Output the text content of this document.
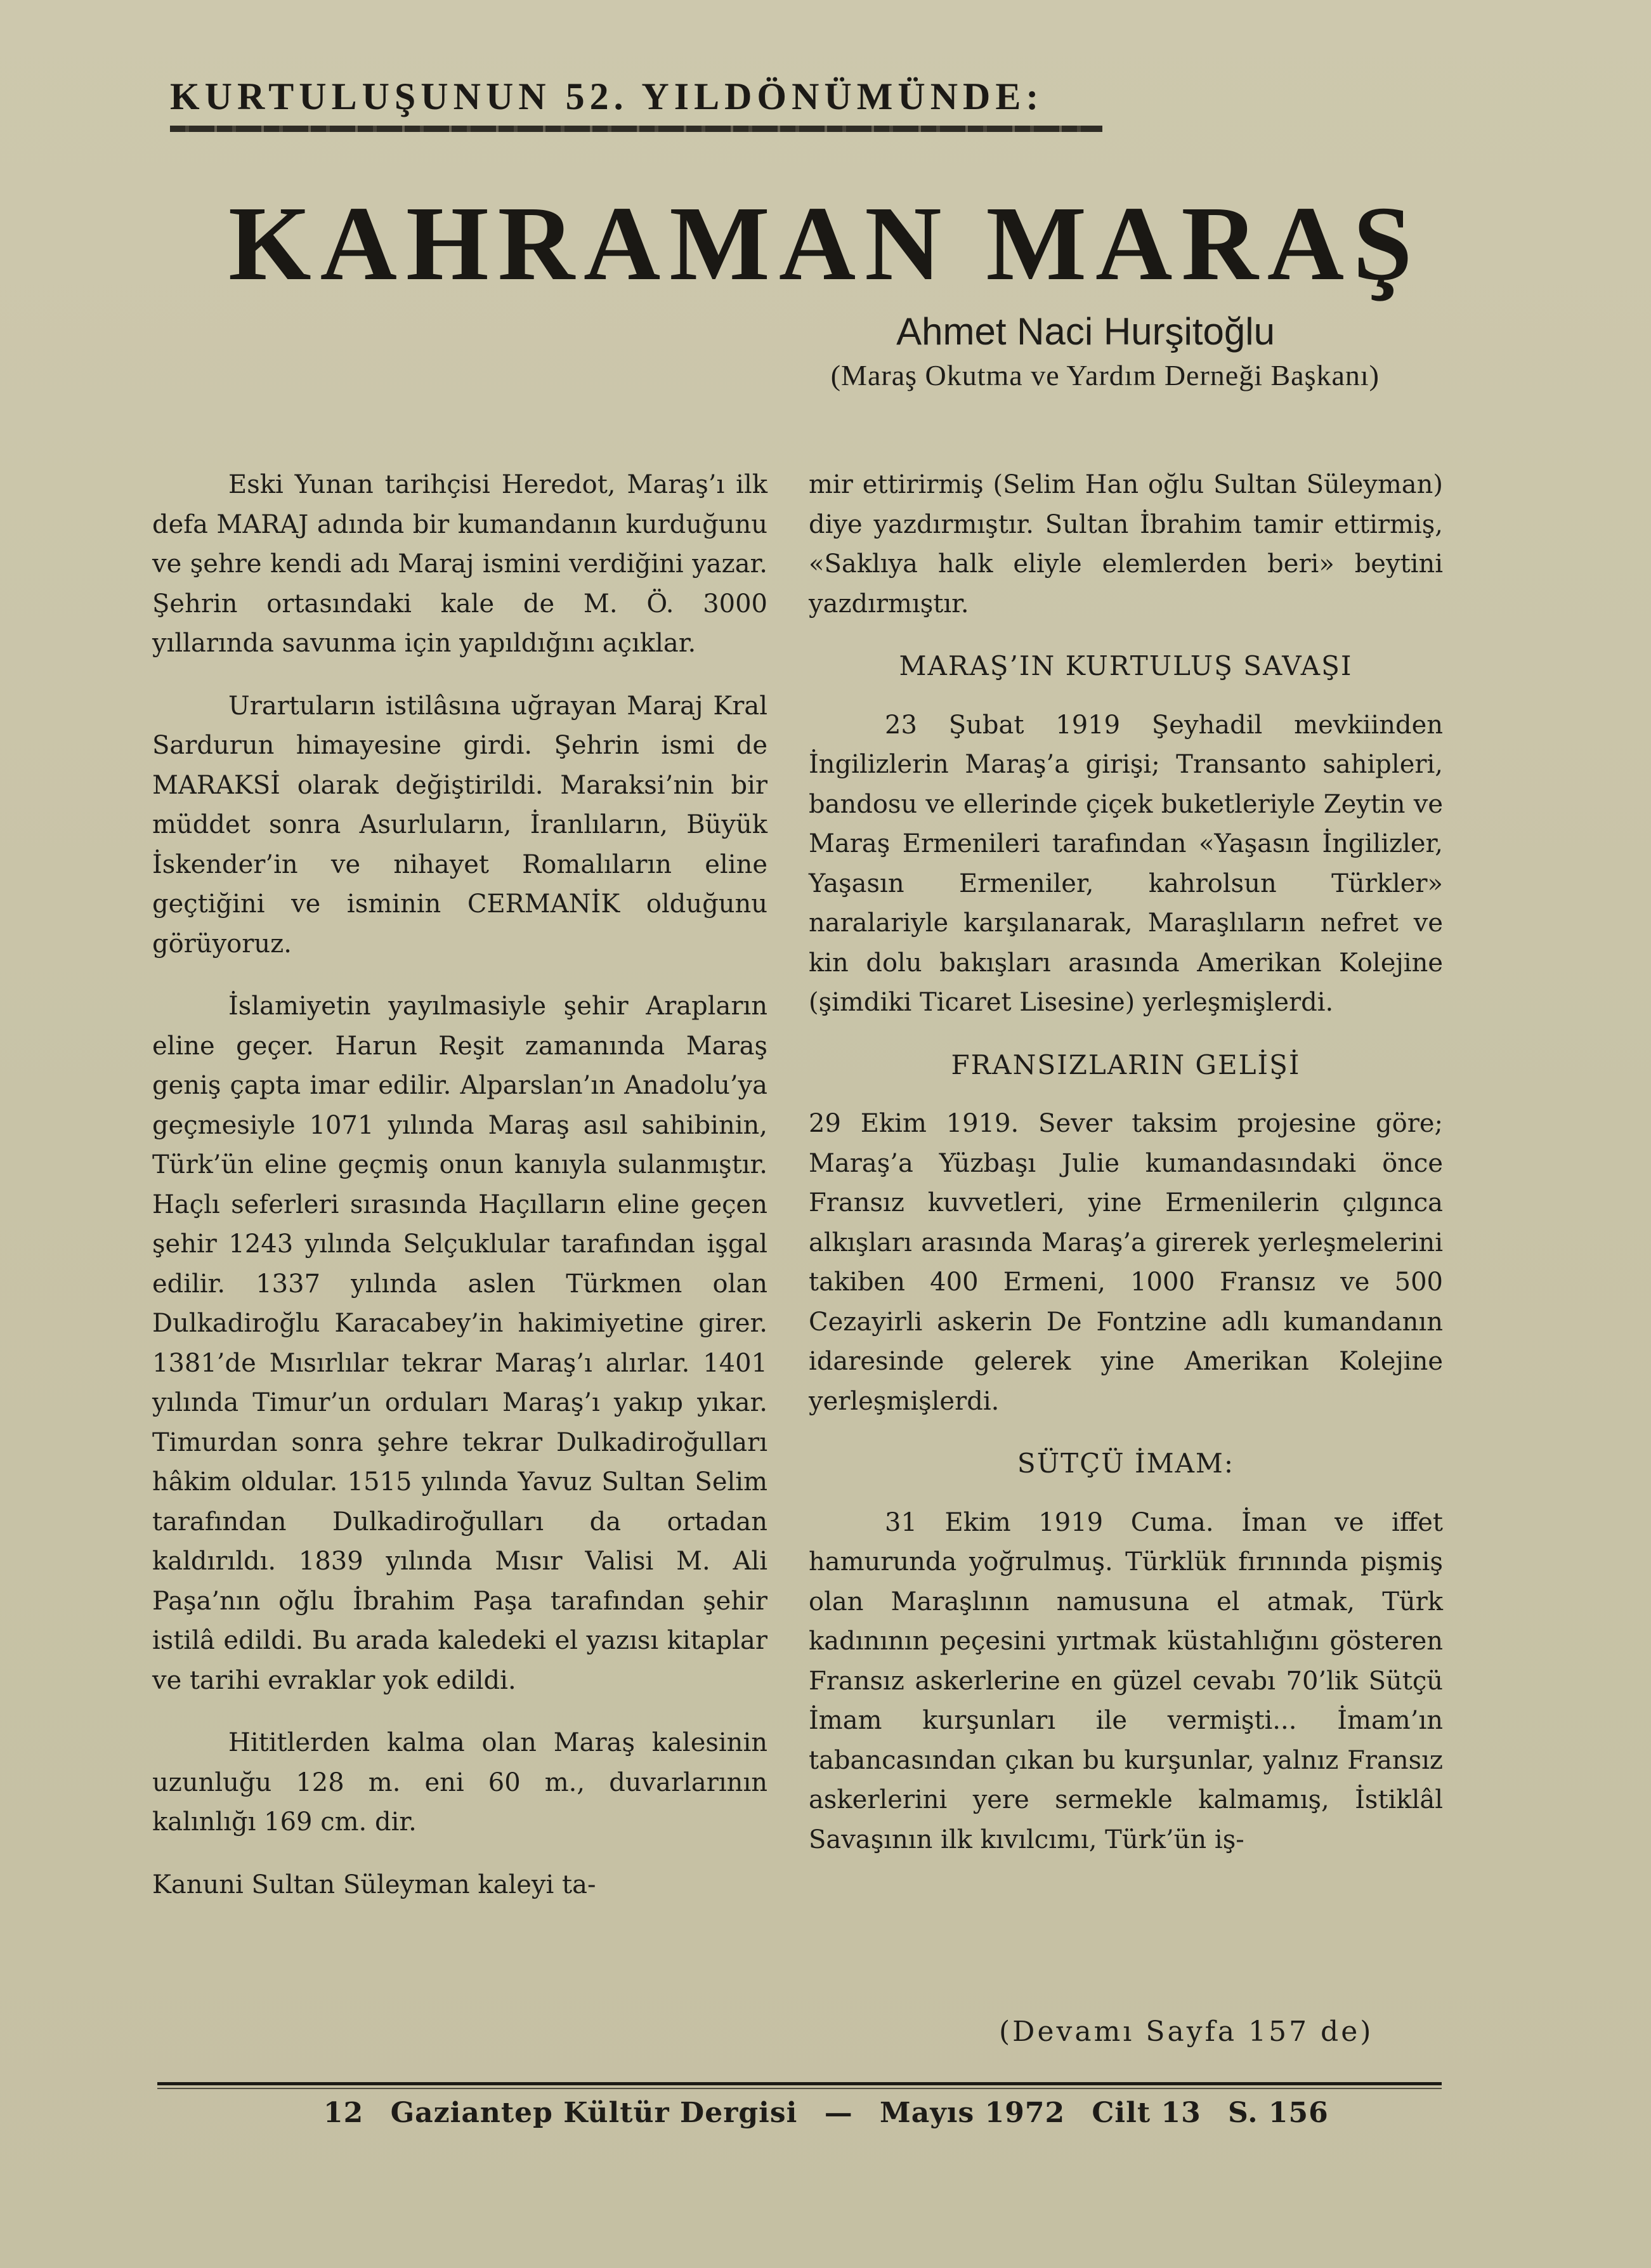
KURTULUŞUNUN 52. YILDÖNÜMÜNDE:
KAHRAMAN MARAŞ
Ahmet Naci Hurşitoğlu
(Maraş Okutma ve Yardım Derneği Başkanı)

Eski Yunan tarihçisi Heredot, Maraş’ı ilk defa MARAJ adında bir kumandanın kurduğunu ve şehre kendi adı Maraj ismini verdiğini yazar. Şehrin ortasındaki kale de M. Ö. 3000 yıllarında savunma için yapıldığını açıklar.

Urartuların istilâsına uğrayan Maraj Kral Sardurun himayesine girdi. Şehrin ismi de MARAKSİ olarak değiştirildi. Maraksi’nin bir müddet sonra Asurluların, İranlıların, Büyük İskender’in ve nihayet Romalıların eline geçtiğini ve isminin CERMANİK olduğunu görüyoruz.

İslamiyetin yayılmasiyle şehir Arapların eline geçer. Harun Reşit zamanında Maraş geniş çapta imar edilir. Alparslan’ın Anadolu’ya geçmesiyle 1071 yılında Maraş asıl sahibinin, Türk’ün eline geçmiş onun kanıyla sulanmıştır. Haçlı seferleri sırasında Haçılların eline geçen şehir 1243 yılında Selçuklular tarafından işgal edilir. 1337 yılında aslen Türkmen olan Dulkadiroğlu Karacabey’in hakimiyetine girer. 1381’de Mısırlılar tekrar Maraş’ı alırlar. 1401 yılında Timur’un orduları Maraş’ı yakıp yıkar. Timurdan sonra şehre tekrar Dulkadiroğulları hâkim oldular. 1515 yılında Yavuz Sultan Selim tarafından Dulkadiroğulları da ortadan kaldırıldı. 1839 yılında Mısır Valisi M. Ali Paşa’nın oğlu İbrahim Paşa tarafından şehir istilâ edildi. Bu arada kaledeki el yazısı kitaplar ve tarihi evraklar yok edildi.

Hititlerden kalma olan Maraş kalesinin uzunluğu 128 m. eni 60 m., duvarlarının kalınlığı 169 cm. dir.

Kanuni Sultan Süleyman kaleyi ta-

mir ettirirmiş (Selim Han oğlu Sultan Süleyman) diye yazdırmıştır. Sultan İbrahim tamir ettirmiş, «Saklıya halk eliyle elemlerden beri» beytini yazdırmıştır.

MARAŞ’IN KURTULUŞ SAVAŞI

23 Şubat 1919 Şeyhadil mevkiinden İngilizlerin Maraş’a girişi; Transanto sahipleri, bandosu ve ellerinde çiçek buketleriyle Zeytin ve Maraş Ermenileri tarafından «Yaşasın İngilizler, Yaşasın Ermeniler, kahrolsun Türkler» naralariyle karşılanarak, Maraşlıların nefret ve kin dolu bakışları arasında Amerikan Kolejine (şimdiki Ticaret Lisesine) yerleşmişlerdi.

FRANSIZLARIN GELİŞİ

29 Ekim 1919. Sever taksim projesine göre; Maraş’a Yüzbaşı Julie kumandasındaki önce Fransız kuvvetleri, yine Ermenilerin çılgınca alkışları arasında Maraş’a girerek yerleşmelerini takiben 400 Ermeni, 1000 Fransız ve 500 Cezayirli askerin De Fontzine adlı kumandanın idaresinde gelerek yine Amerikan Kolejine yerleşmişlerdi.

SÜTÇÜ İMAM:

31 Ekim 1919 Cuma. İman ve iffet hamurunda yoğrulmuş. Türklük fırınında pişmiş olan Maraşlının namusuna el atmak, Türk kadınının peçesini yırtmak küstahlığını gösteren Fransız askerlerine en güzel cevabı 70’lik Sütçü İmam kurşunları ile vermişti... İmam’ın tabancasından çıkan bu kurşunlar, yalnız Fransız askerlerini yere sermekle kalmamış, İstiklâl Savaşının ilk kıvılcımı, Türk’ün iş-

(Devamı Sayfa 157 de)
12 Gaziantep Kültür Dergisi — Mayıs 1972 Cilt 13 S. 156
